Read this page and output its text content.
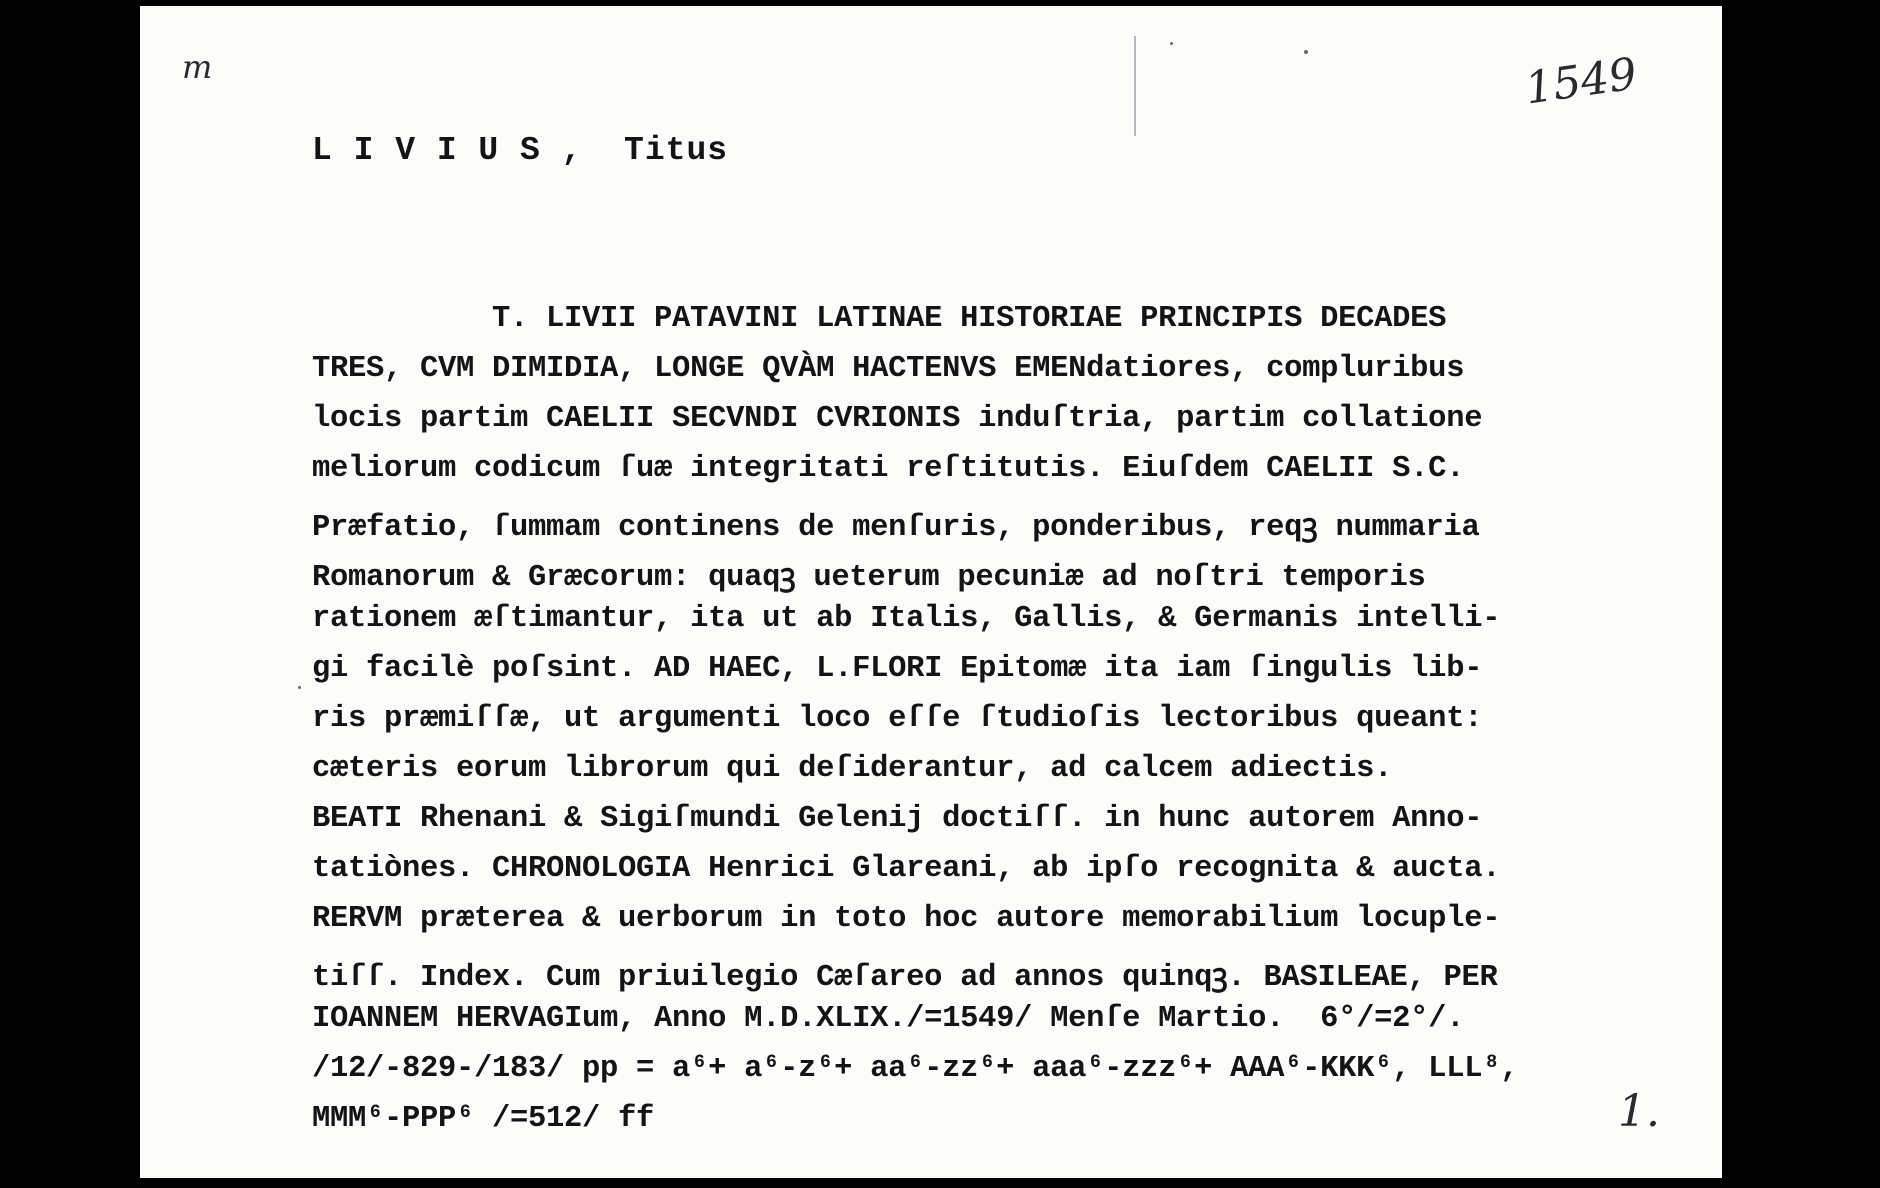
m	1549
L I V I U S ,  Titus
T. LIVII PATAVINI LATINAE HISTORIAE PRINCIPIS DECADES
TRES, CVM DIMIDIA, LONGE QVÀM HACTENVS EMENdatiores, compluribus
locis partim CAELII SECVNDI CVRIONIS induſtria, partim collatione
meliorum codicum ſuæ integritati reſtitutis. Eiuſdem CAELII S.C.
Præfatio, ſummam continens de menſuris, ponderibus, reqꝫ nummaria
Romanorum & Græcorum: quaqꝫ ueterum pecuniæ ad noſtri temporis
rationem æſtimantur, ita ut ab Italis, Gallis, & Germanis intelli-
gi facilè poſsint. AD HAEC, L.FLORI Epitomæ ita iam ſingulis lib-
ris præmiſſæ, ut argumenti loco eſſe ſtudioſis lectoribus queant:
cæteris eorum librorum qui deſiderantur, ad calcem adiectis.
BEATI Rhenani & Sigiſmundi Gelenij doctiſſ. in hunc autorem Anno-
tatiònes. CHRONOLOGIA Henrici Glareani, ab ipſo recognita & aucta.
RERVM præterea & uerborum in toto hoc autore memorabilium locuple-
tiſſ. Index. Cum priuilegio Cæſareo ad annos quinqꝫ. BASILEAE, PER
IOANNEM HERVAGIum, Anno M.D.XLIX./=1549/ Menſe Martio.  6°/=2°/.
/12/-829-/183/ pp = a⁶+ a⁶-z⁶+ aa⁶-zz⁶+ aaa⁶-zzz⁶+ AAA⁶-KKK⁶, LLL⁸,
MMM⁶-PPP⁶ /=512/ ff	1.
